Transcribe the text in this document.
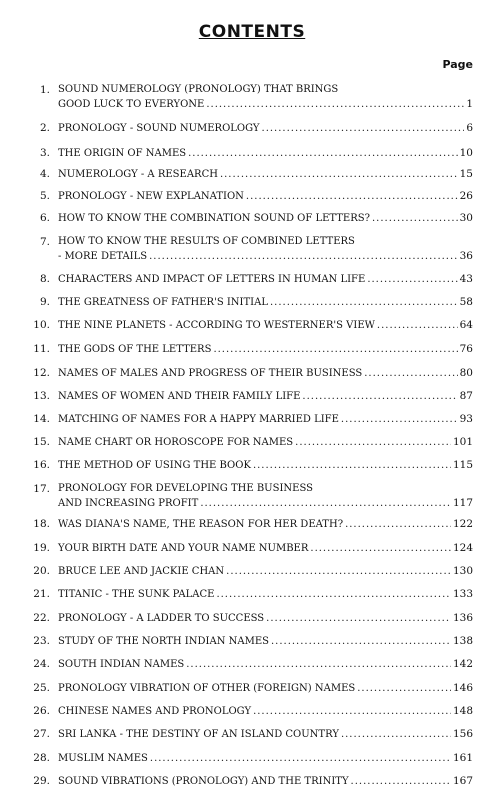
CONTENTS
Page
1. SOUND NUMEROLOGY (PRONOLOGY) THAT BRINGS
GOOD LUCK TO EVERYONE .....	1
2. PRONOLOGY - SOUND NUMEROLOGY .....	6
3. THE ORIGIN OF NAMES .....	10
4. NUMEROLOGY - A RESEARCH .....	15
5. PRONOLOGY - NEW EXPLANATION .....	26
6. HOW TO KNOW THE COMBINATION SOUND OF LETTERS? .....	30
7. HOW TO KNOW THE RESULTS OF COMBINED LETTERS
- MORE DETAILS .....	36
8. CHARACTERS AND IMPACT OF LETTERS IN HUMAN LIFE .....	43
9. THE GREATNESS OF FATHER'S INITIAL .....	58
10. THE NINE PLANETS - ACCORDING TO WESTERNER'S VIEW .....	64
11. THE GODS OF THE LETTERS .....	76
12. NAMES OF MALES AND PROGRESS OF THEIR BUSINESS .....	80
13. NAMES OF WOMEN AND THEIR FAMILY LIFE .....	87
14. MATCHING OF NAMES FOR A HAPPY MARRIED LIFE .....	93
15. NAME CHART OR HOROSCOPE FOR NAMES .....	101
16. THE METHOD OF USING THE BOOK .....	115
17. PRONOLOGY FOR DEVELOPING THE BUSINESS
AND INCREASING PROFIT .....	117
18. WAS DIANA'S NAME, THE REASON FOR HER DEATH? .....	122
19. YOUR BIRTH DATE AND YOUR NAME NUMBER .....	124
20. BRUCE LEE AND JACKIE CHAN .....	130
21. TITANIC - THE SUNK PALACE .....	133
22. PRONOLOGY - A LADDER TO SUCCESS .....	136
23. STUDY OF THE NORTH INDIAN NAMES .....	138
24. SOUTH INDIAN NAMES .....	142
25. PRONOLOGY VIBRATION OF OTHER (FOREIGN) NAMES .....	146
26. CHINESE NAMES AND PRONOLOGY .....	148
27. SRI LANKA - THE DESTINY OF AN ISLAND COUNTRY .....	156
28. MUSLIM NAMES .....	161
29. SOUND VIBRATIONS (PRONOLOGY) AND THE TRINITY .....	167
